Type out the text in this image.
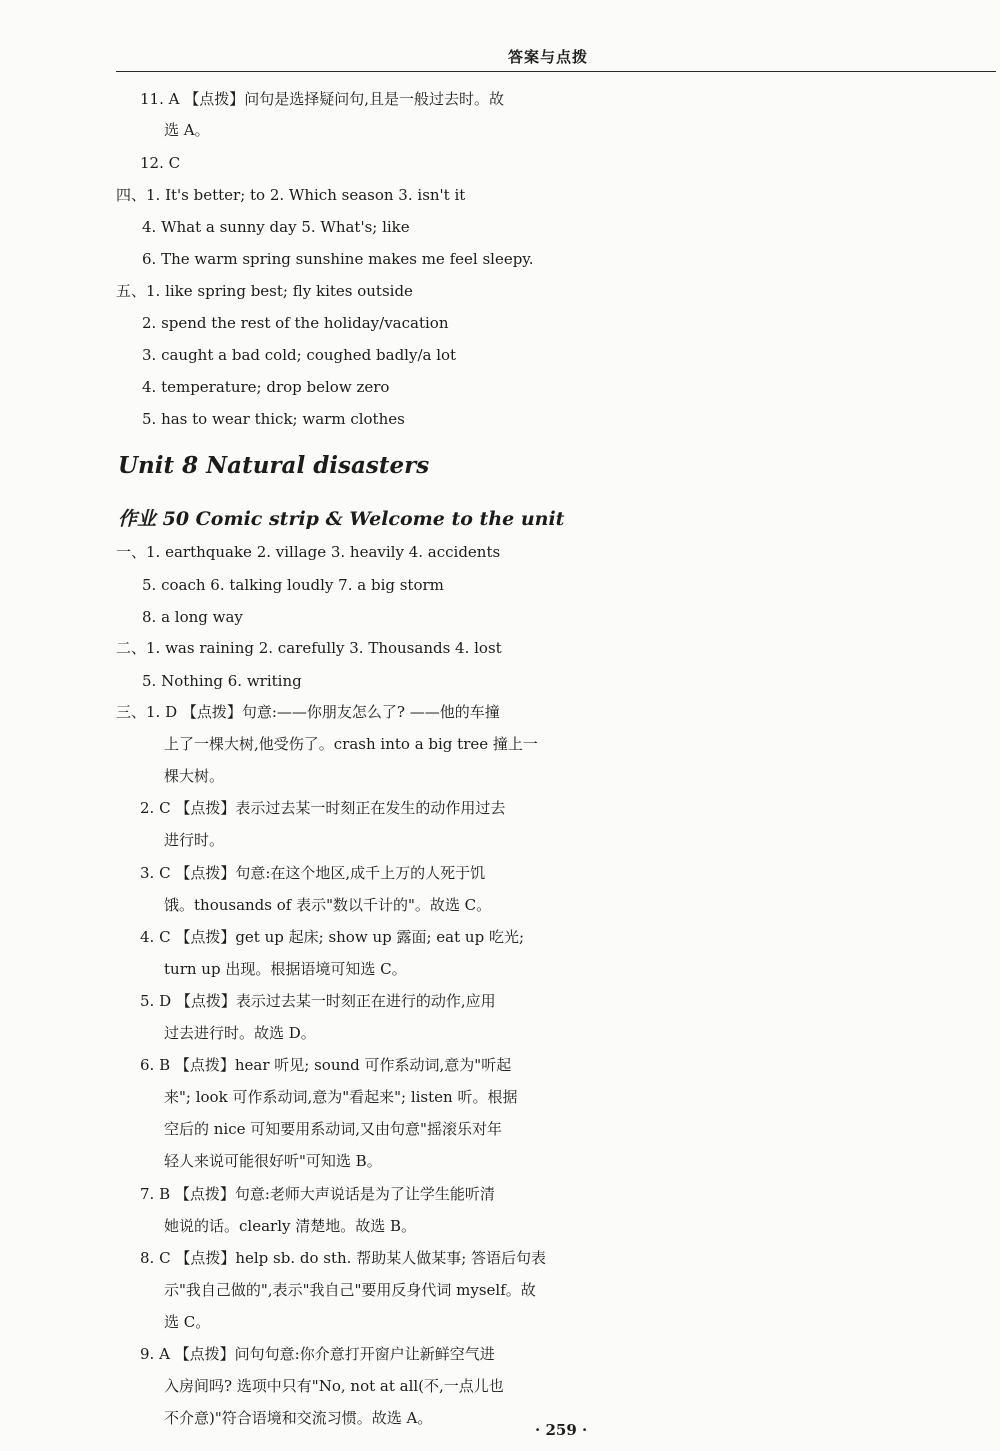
答案与点拨
11. A 【点拨】问句是选择疑问句,且是一般过去时。故
选 A。
12. C
四、1. It's better; to 2. Which season 3. isn't it
4. What a sunny day 5. What's; like
6. The warm spring sunshine makes me feel sleepy.
五、1. like spring best; fly kites outside
2. spend the rest of the holiday/vacation
3. caught a bad cold; coughed badly/a lot
4. temperature; drop below zero
5. has to wear thick; warm clothes
Unit 8 Natural disasters
作业 50 Comic strip & Welcome to the unit
一、1. earthquake 2. village 3. heavily 4. accidents
5. coach 6. talking loudly 7. a big storm
8. a long way
二、1. was raining 2. carefully 3. Thousands 4. lost
5. Nothing 6. writing
三、1. D 【点拨】句意:——你朋友怎么了? ——他的车撞
上了一棵大树,他受伤了。crash into a big tree 撞上一
棵大树。
2. C 【点拨】表示过去某一时刻正在发生的动作用过去
进行时。
3. C 【点拨】句意:在这个地区,成千上万的人死于饥
饿。thousands of 表示"数以千计的"。故选 C。
4. C 【点拨】get up 起床; show up 露面; eat up 吃光;
turn up 出现。根据语境可知选 C。
5. D 【点拨】表示过去某一时刻正在进行的动作,应用
过去进行时。故选 D。
6. B 【点拨】hear 听见; sound 可作系动词,意为"听起
来"; look 可作系动词,意为"看起来"; listen 听。根据
空后的 nice 可知要用系动词,又由句意"摇滚乐对年
轻人来说可能很好听"可知选 B。
7. B 【点拨】句意:老师大声说话是为了让学生能听清
她说的话。clearly 清楚地。故选 B。
8. C 【点拨】help sb. do sth. 帮助某人做某事; 答语后句表
示"我自己做的",表示"我自己"要用反身代词 myself。故
选 C。
9. A 【点拨】问句句意:你介意打开窗户让新鲜空气进
入房间吗? 选项中只有"No, not at all(不,一点儿也
不介意)"符合语境和交流习惯。故选 A。
· 259 ·
